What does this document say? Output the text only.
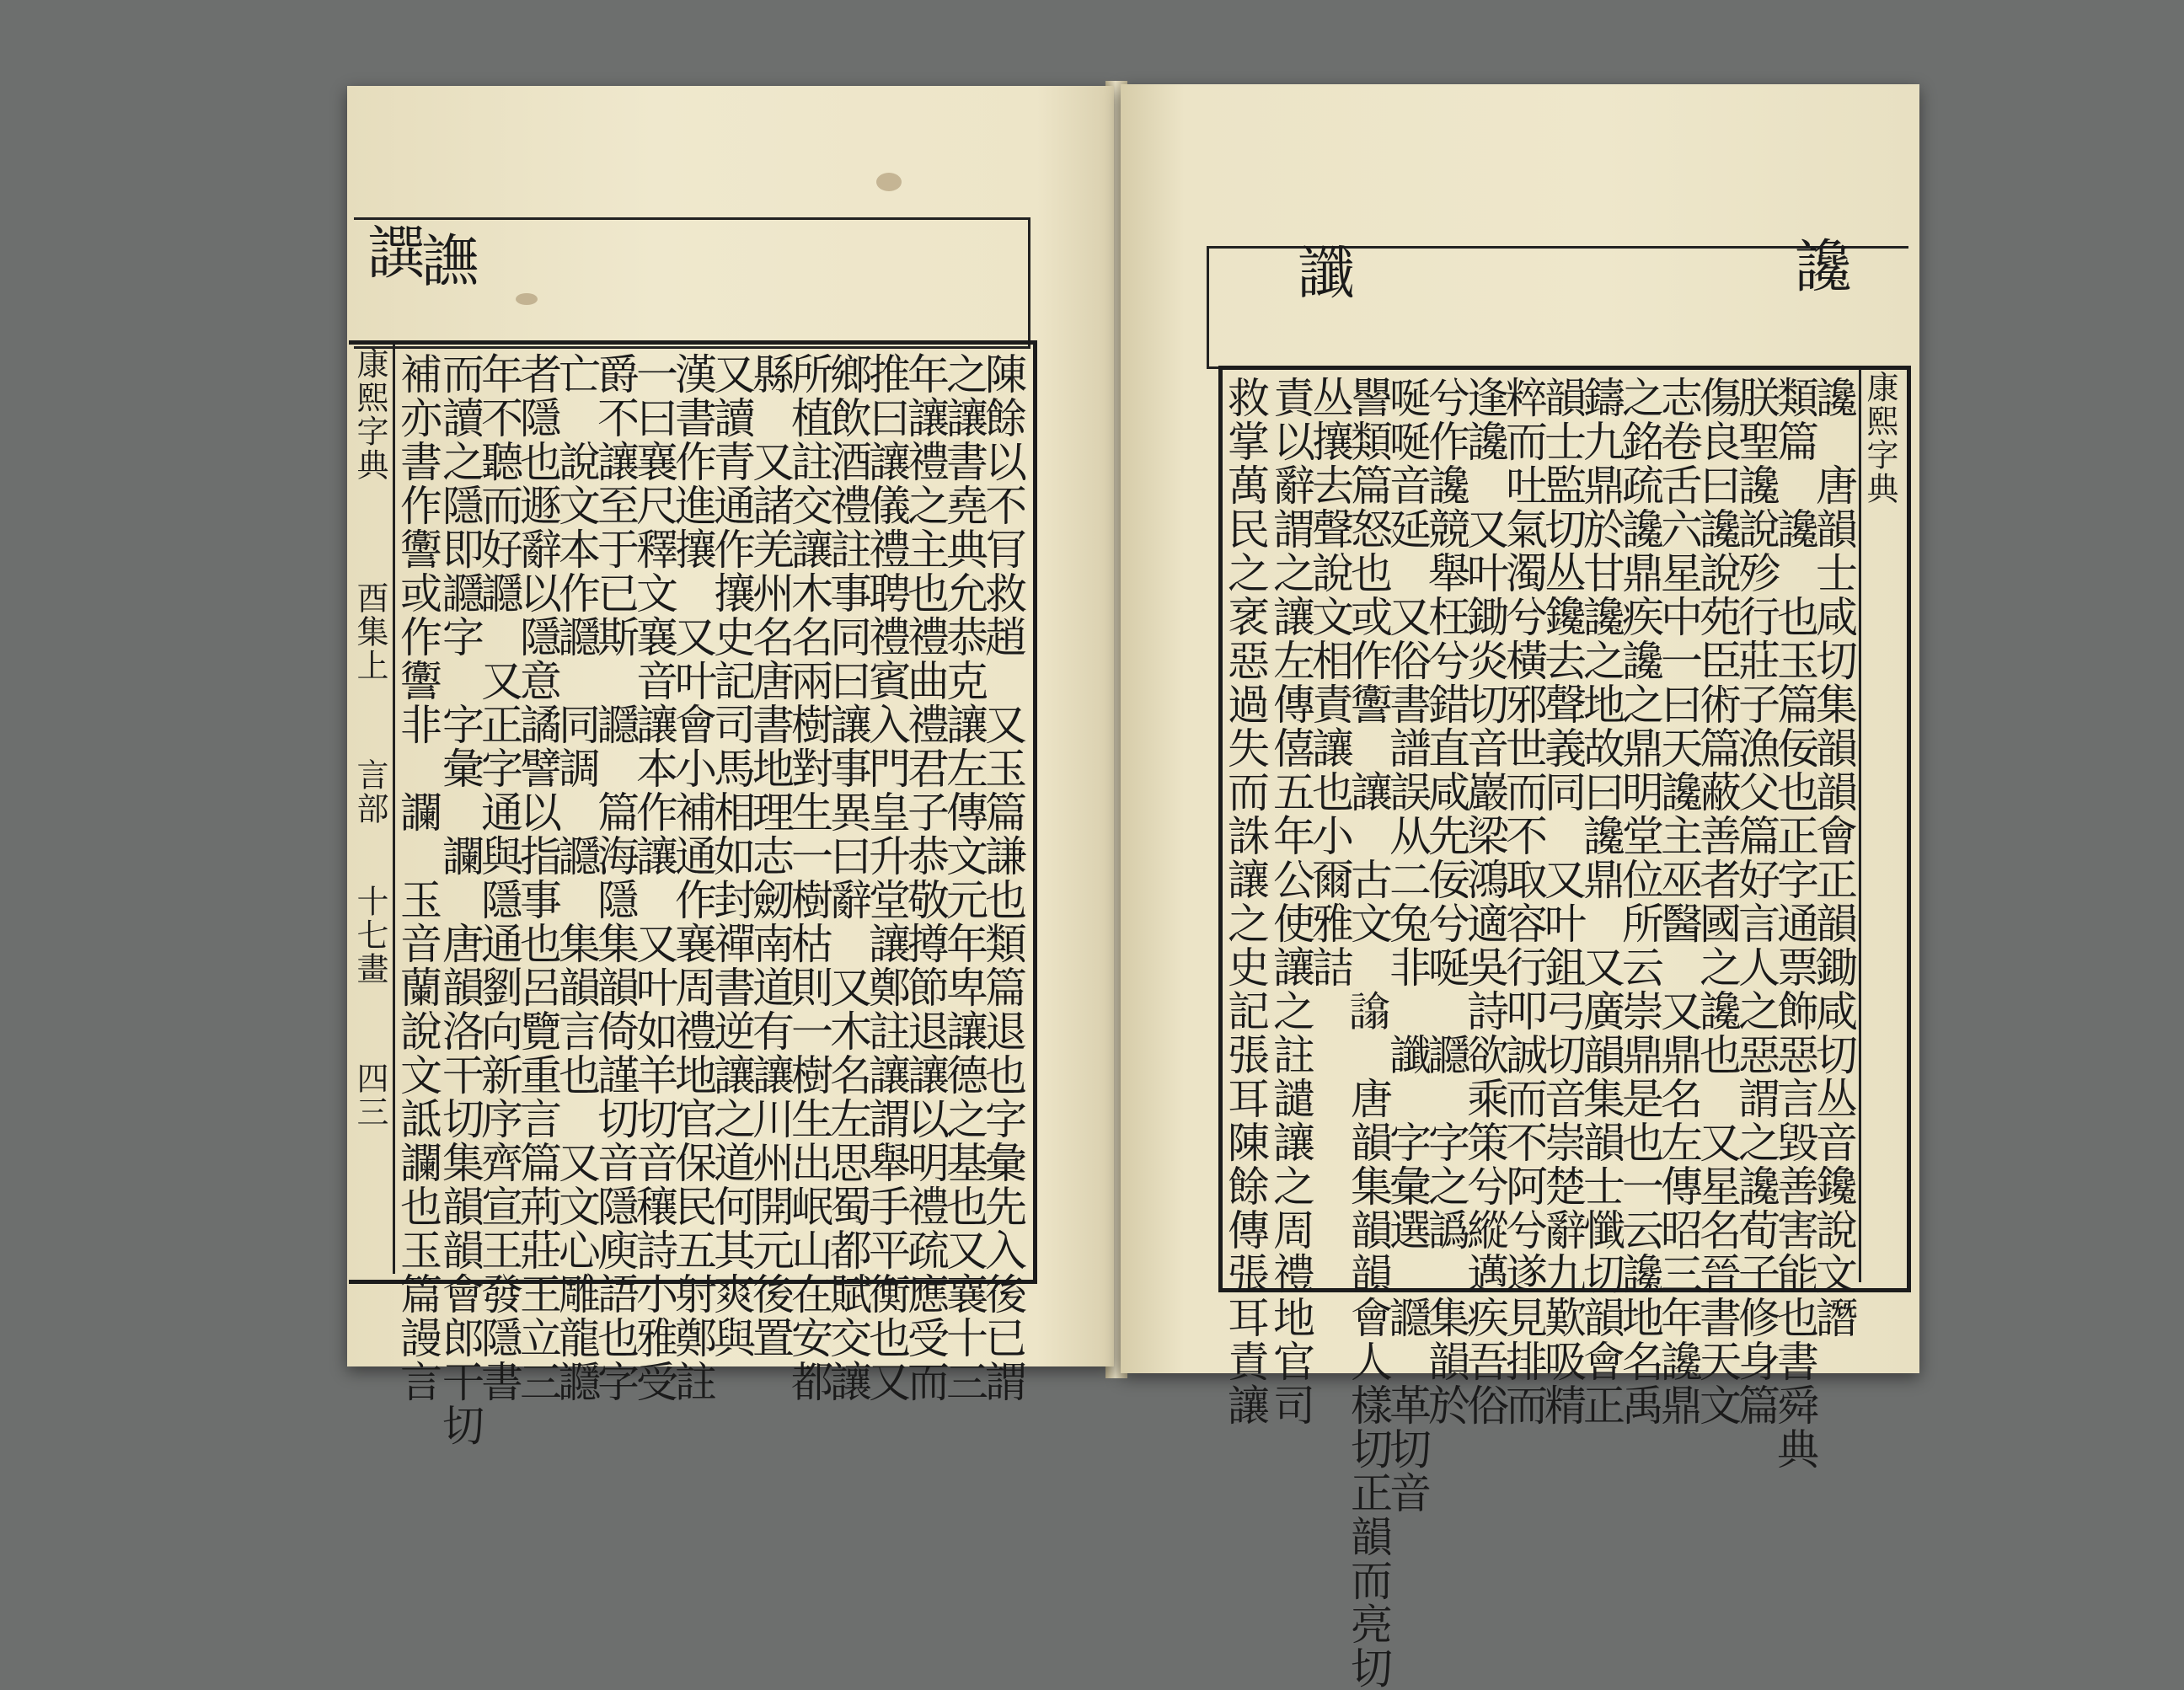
譔
譕
康熙字典
酉集上
言部
十七畫
四三	陳餘以不肎救趙　又玉篇謙也類篇退也字彙先入後已謂
之讓書堯典允恭克讓左傳文元年卑讓德之基也又襄十三
年讓禮之主也禮曲禮君子恭敬撙節退讓以明禮疏應受而
推曰讓儀禮聘禮賓入門皇升堂讓鄭註讓謂舉手平衡也又
鄉飲酒禮註事同曰讓事異曰辭　又木名左思蜀都賦交讓
所植註交讓木名兩樹對生一樹枯則一樹生出岷山在安都
縣　又諸羌州名唐書地理志劒南道有讓川州開元後置
又讀青通作攘史記司馬相如封禪書逆讓之道何其爽與
漢書作進攘　又叶會小補通作襄周禮地官保民五射鄭註
一曰襄尺釋文襄音讓本作讓　又叶如羊切音穰詩小雅受
爵不讓至于已斯　讔　篇海隱集韻倚謹切音隱庾語也字
亡　說文本作讔　同調　讔　集韻言也　又文心雕龍讔
者隱也遯辭以隱意譎譬以指事也呂覽重言篇荊莊王立三
年不聽而好讔　又正字通與隱通劉向新序齊宣王發隱書
而讀之隱即讔字　字彙　讕　唐韻洛干切集韻韻會郎干切
補亦書作讏或作讏非　讕　玉音蘭說文詆讕也玉篇謾言
讖	讒
康熙字典
讒　唐韻士咸切集韻韻會正韻鋤咸切丛音鑱說文譖
類篇　讒　也玉篇佞也正字通票飾惡言毀善害能也書舜典
朕聖讒說殄行莊子漁父篇好言人之惡謂之讒荀子修身篇
傷良曰讒說苑臣術篇蔽善者國之讒也　又星名晉書天文
志卷舌六星中一曰天讒主巫醫　又鼎名左傳昭三年讒鼎
之銘疏讒鼎疾讒之鼎明堂位所云崇鼎是也一云讒地名禹
鑄九鼎於甘讒之地故曰讒鼎　又廣韻集韻士懺切韻會正
韻士監切丛鑱去聲義同　又叶鉏弓切音崇楚辭九歎吸精
粹而吐氣濁兮橫邪世而不取容行叩誠而不阿兮遂見排而
逢讒　又叶鋤炎切音巖梁鴻適吳詩欲乘策兮縱邁疾吾俗
兮作讒競舉枉兮錯直咸先佞兮唌　讔　字之譌　集韻於
唌唌音延　又俗書譜誤从二兔非　讖　字彙選　讔　革切音
譻類篇怒也或作讏　讓　古文　𧬈　唐韻集韻韻會人樣切正韻而亮切
丛攘去聲說文相責讓也小爾雅詰
責以辭謂之讓左傳僖五年公使讓之註譴讓之周禮地官司
救掌萬民之衺惡過失而誅讓之史記張耳陳餘傳張耳責讓
